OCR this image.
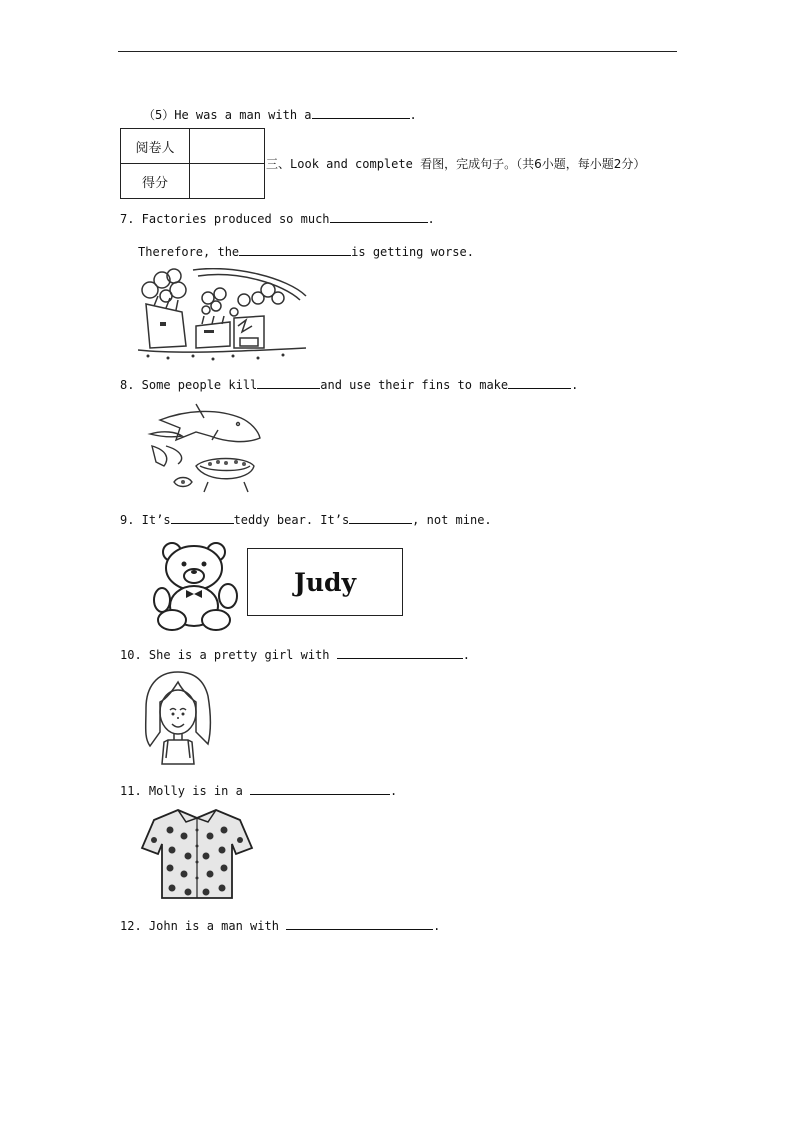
（5）He was a man with a	.
阅卷人	
得分	
三、Look and complete 看图，完成句子。（共6小题，每小题2分）
7. Factories produced so much	.
Therefore, the	is getting worse.
8. Some people kill	and use their fins to make	.
9. It’s	teddy bear. It’s	, not mine.
Judy
10. She is a pretty girl with	.
11. Molly is in a	.
12. John is a man with	.
